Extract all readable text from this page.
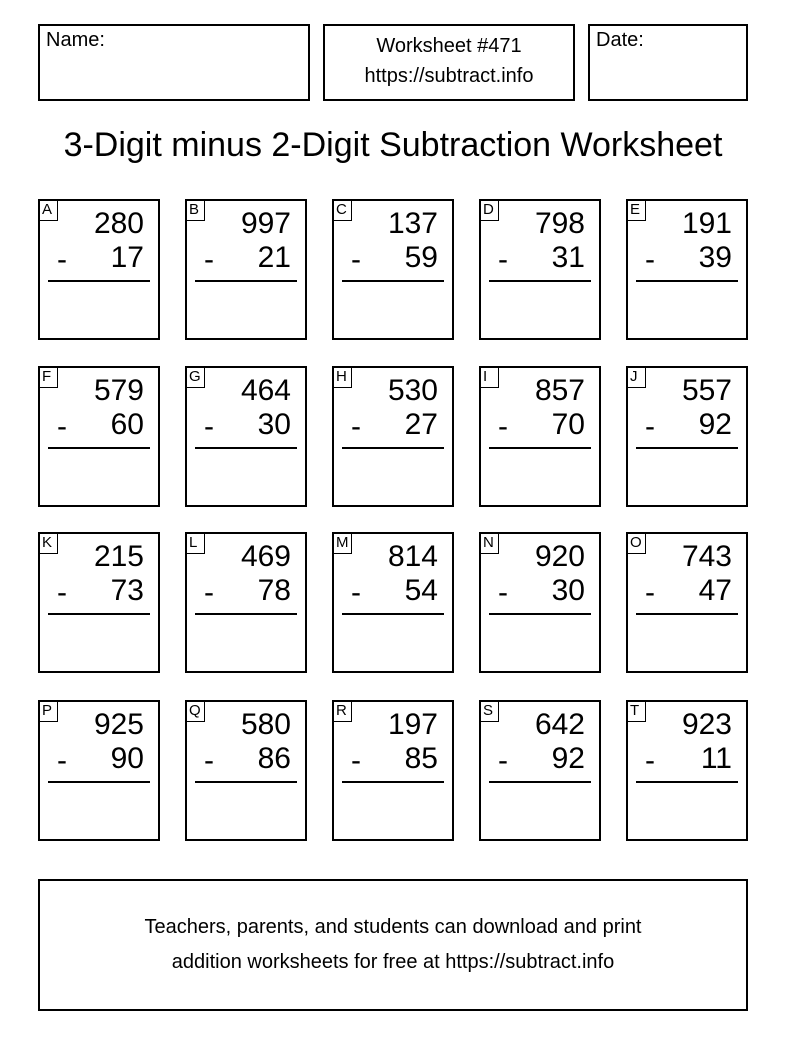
Name:	Worksheet #471
https://subtract.info
Date:
3-Digit minus 2-Digit Subtraction Worksheet
A 280
- 17
B 997
- 21
C 137
- 59
D 798
- 31
E 191
- 39
F 579
- 60
G 464
- 30
H 530
- 27
I	857
- 70
J 557
- 92
K 215
- 73
L 469
- 78
M 814
- 54
N 920
- 30
O 743
- 47
P 925
- 90
Q 580
- 86
R 197
- 85
S 642
- 92
T 923
- 11
Teachers, parents, and students can download and print
addition worksheets for free at https://subtract.info
